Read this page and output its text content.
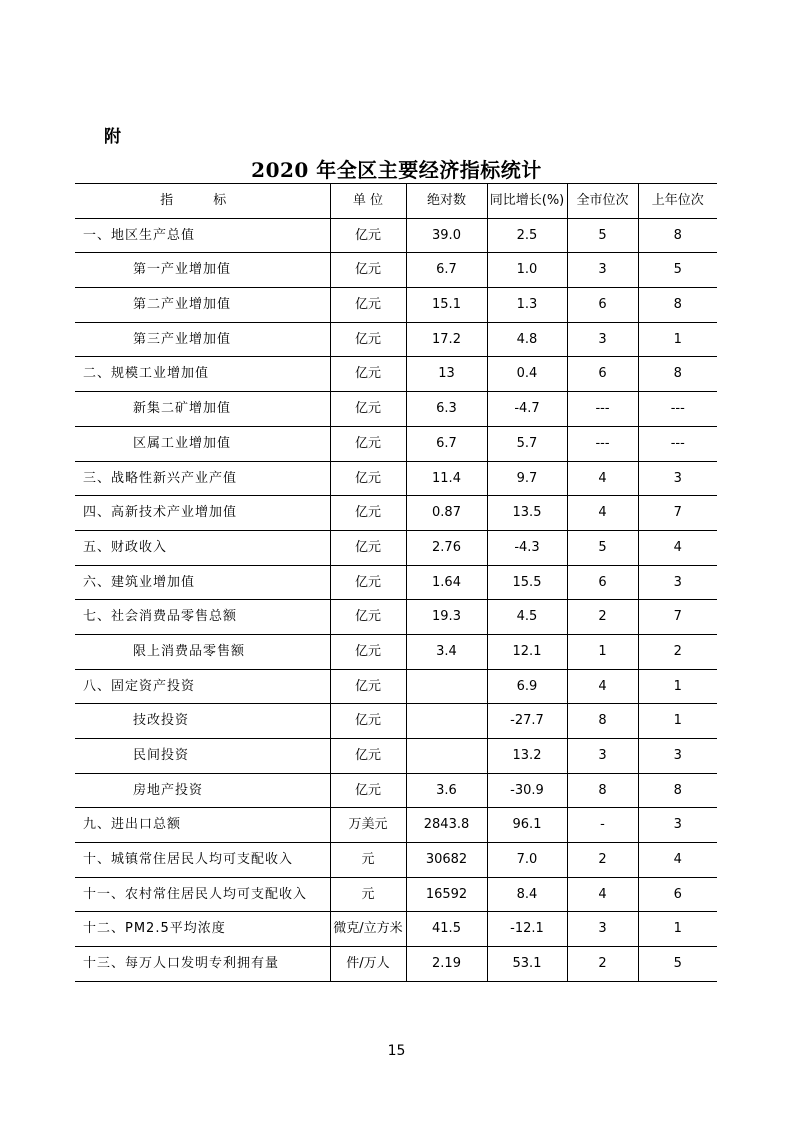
附
2020 年全区主要经济指标统计
指 标	单 位	绝对数	同比增长(%)	全市位次	上年位次
一、地区生产总值	亿元	39.0	2.5	5	8
第一产业增加值	亿元	6.7	1.0	3	5
第二产业增加值	亿元	15.1	1.3	6	8
第三产业增加值	亿元	17.2	4.8	3	1
二、规模工业增加值	亿元	13	0.4	6	8
新集二矿增加值	亿元	6.3	-4.7	---	---
区属工业增加值	亿元	6.7	5.7	---	---
三、战略性新兴产业产值	亿元	11.4	9.7	4	3
四、高新技术产业增加值	亿元	0.87	13.5	4	7
五、财政收入	亿元	2.76	-4.3	5	4
六、建筑业增加值	亿元	1.64	15.5	6	3
七、社会消费品零售总额	亿元	19.3	4.5	2	7
限上消费品零售额	亿元	3.4	12.1	1	2
八、固定资产投资	亿元		6.9	4	1
技改投资	亿元		-27.7	8	1
民间投资	亿元		13.2	3	3
房地产投资	亿元	3.6	-30.9	8	8
九、进出口总额	万美元	2843.8	96.1	-	3
十、城镇常住居民人均可支配收入	元	30682	7.0	2	4
十一、农村常住居民人均可支配收入	元	16592	8.4	4	6
十二、PM2.5平均浓度	微克/立方米	41.5	-12.1	3	1
十三、每万人口发明专利拥有量	件/万人	2.19	53.1	2	5
15
